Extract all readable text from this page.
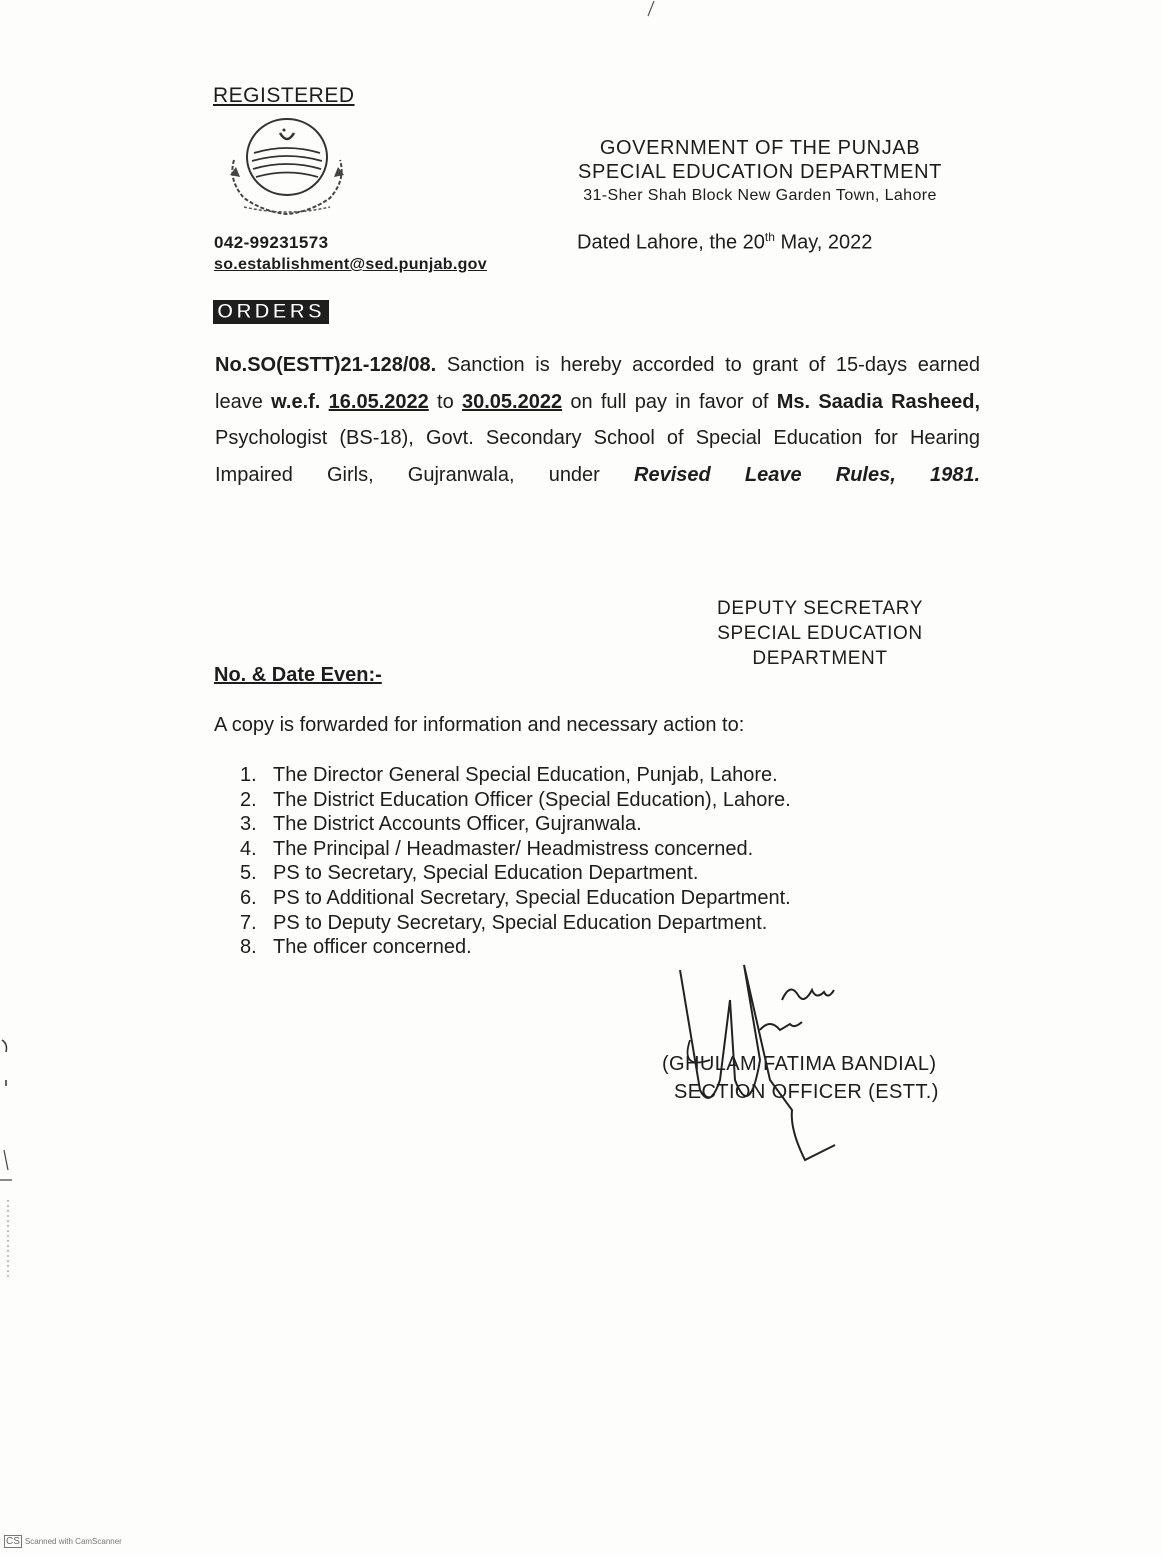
REGISTERED
GOVERNMENT OF THE PUNJAB
SPECIAL EDUCATION DEPARTMENT
31-Sher Shah Block New Garden Town, Lahore
042-99231573
so.establishment@sed.punjab.gov
Dated Lahore, the 20th May, 2022
ORDERS
No.SO(ESTT)21-128/08. Sanction is hereby accorded to grant of 15-days earned leave w.e.f. 16.05.2022 to 30.05.2022 on full pay in favor of Ms. Saadia Rasheed, Psychologist (BS-18), Govt. Secondary School of Special Education for Hearing Impaired Girls, Gujranwala, under Revised Leave Rules, 1981.
DEPUTY SECRETARY
SPECIAL EDUCATION
DEPARTMENT
No. & Date Even:-
A copy is forwarded for information and necessary action to:
1. The Director General Special Education, Punjab, Lahore.
2. The District Education Officer (Special Education), Lahore.
3. The District Accounts Officer, Gujranwala.
4. The Principal / Headmaster/ Headmistress concerned.
5. PS to Secretary, Special Education Department.
6. PS to Additional Secretary, Special Education Department.
7. PS to Deputy Secretary, Special Education Department.
8. The officer concerned.
(GHULAM FATIMA BANDIAL)
SECTION OFFICER (ESTT.)
CS Scanned with CamScanner
